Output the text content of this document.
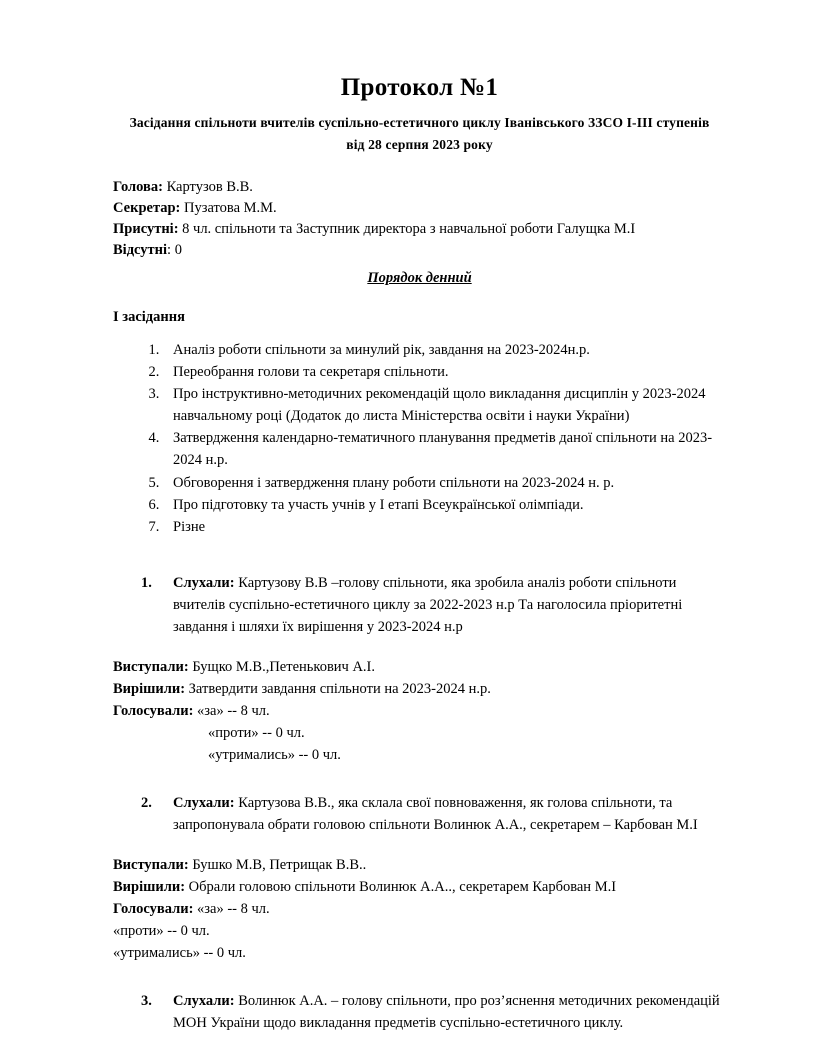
Протокол №1
Засідання спільноти вчителів суспільно-естетичного циклу Іванівського ЗЗСО I-III ступенів
від 28 серпня 2023 року
Голова: Картузов В.В.
Секретар: Пузатова М.М.
Присутні: 8 чл. спільноти та Заступник директора з навчальної роботи Галущка М.І
Відсутні: 0
Порядок денний
I засідання
1. Аналіз роботи спільноти за минулий рік, завдання на 2023-2024н.р.
2. Переобрання голови та секретаря спільноти.
3. Про інструктивно-методичних рекомендацій щоло викладання дисциплін у 2023-2024 навчальному році (Додаток до листа Міністерства освіти і науки України)
4. Затвердження календарно-тематичного планування предметів даної спільноти на 2023-2024 н.р.
5. Обговорення і затвердження плану роботи спільноти на 2023-2024 н. р.
6. Про підготовку та участь учнів у I етапі Всеукраїнської олімпіади.
7. Різне
1. Слухали: Картузову В.В –голову спільноти, яка зробила аналіз роботи спільноти вчителів суспільно-естетичного циклу за 2022-2023 н.р Та наголосила пріоритетні завдання і шляхи їх вирішення у 2023-2024 н.р
Виступали: Бущко М.В.,Петенькович А.І.
Вирішили: Затвердити завдання спільноти на 2023-2024 н.р.
Голосували: «за» -- 8 чл.
«проти» -- 0 чл.
«утримались» -- 0 чл.
2. Слухали: Картузова В.В., яка склала свої повноваження, як голова спільноти, та запропонувала обрати головою спільноти Волинюк А.А., секретарем – Карбован М.І
Виступали: Бушко М.В, Петрищак В.В..
Вирішили: Обрали головою спільноти Волинюк А.А.., секретарем Карбован М.І
Голосували: «за» -- 8 чл.
«проти» -- 0 чл.
«утримались» -- 0 чл.
3. Слухали: Волинюк А.А. – голову спільноти, про роз’яснення методичних рекомендацій МОН України щодо викладання предметів суспільно-естетичного циклу.
